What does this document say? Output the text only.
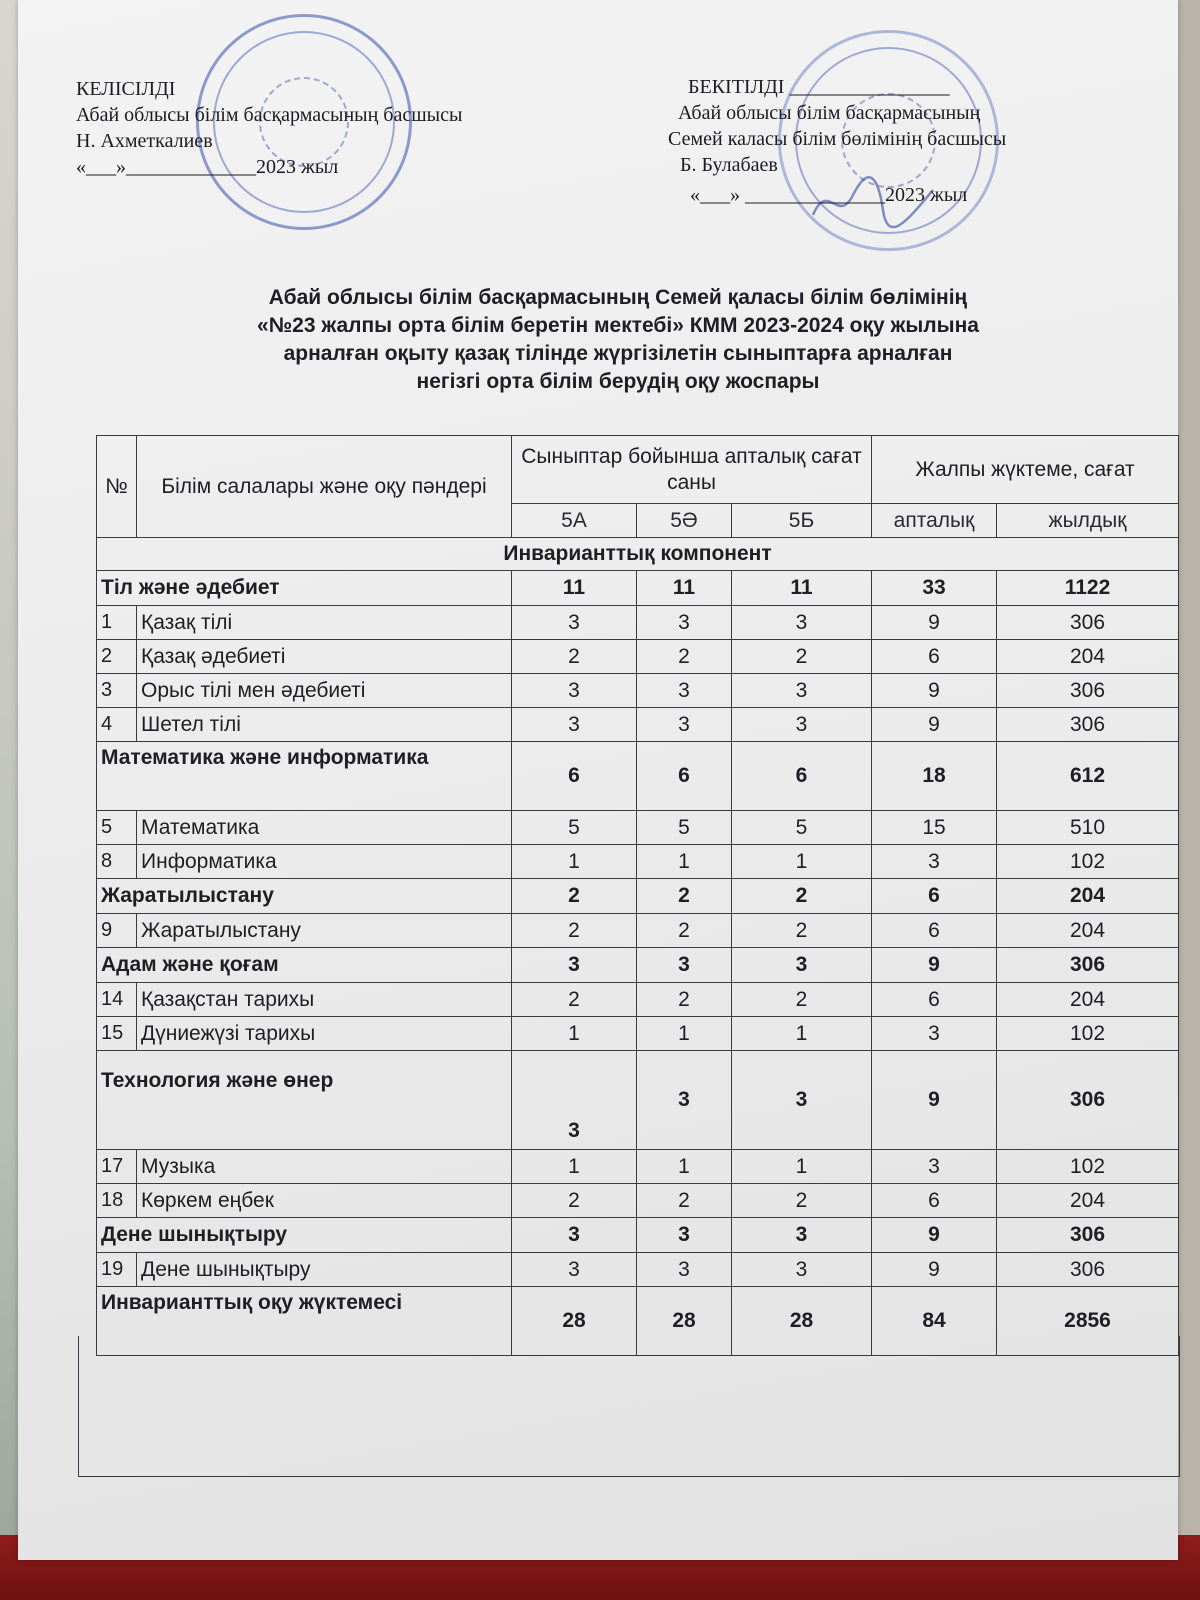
КЕЛІСІЛДІ
Абай облысы білім басқармасының басшысы
Н. Ахметкалиев
«___»_____________2023 жыл
БЕКІТІЛДІ ________________
Абай облысы білім басқармасының
Семей каласы білім бөлімінің басшысы
Б. Булабаев
«___» ______________2023 жыл
Абай облысы білім басқармасының Семей қаласы білім бөлімінің
«№23 жалпы орта білім беретін мектебі» КММ 2023-2024 оқу жылына
арналған оқыту қазақ тілінде жүргізілетін сыныптарға арналған
негізгі орта білім берудің оқу жоспары
№	Білім салалары және оқу пәндері	Сыныптар бойынша апталық сағат саны			Жалпы жүктеме, сағат	
		5А	5Ә	5Б	апталық	жылдық
Инварианттық компонент						
Тіл және әдебиет		11	11	11	33	1122
1	Қазақ тілі	3	3	3	9	306
2	Қазақ әдебиеті	2	2	2	6	204
3	Орыс тілі мен әдебиеті	3	3	3	9	306
4	Шетел тілі	3	3	3	9	306
Математика және информатика		6	6	6	18	612
5	Математика	5	5	5	15	510
8	Информатика	1	1	1	3	102
Жаратылыстану		2	2	2	6	204
9	Жаратылыстану	2	2	2	6	204
Адам және қоғам		3	3	3	9	306
14	Қазақстан тарихы	2	2	2	6	204
15	Дүниежүзі тарихы	1	1	1	3	102
Технология және өнер		3	3	3	9	306
17	Музыка	1	1	1	3	102
18	Көркем еңбек	2	2	2	6	204
Дене шынықтыру		3	3	3	9	306
19	Дене шынықтыру	3	3	3	9	306
Инварианттық оқу жүктемесі		28	28	28	84	2856
